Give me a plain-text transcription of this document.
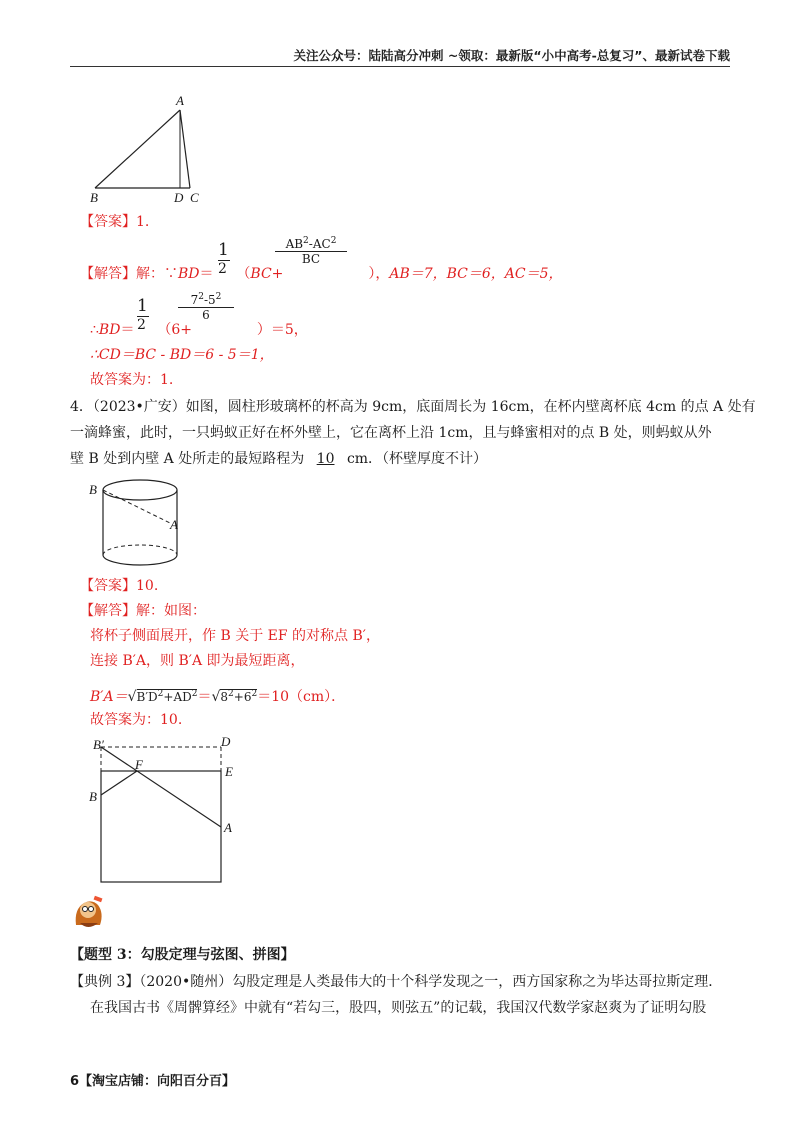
关注公众号：陆陆高分冲刺 ~领取：最新版“小中高考-总复习”、最新试卷下载
A
B	D C
【答案】1.
1
2
$AB^2-AC^2$
BC
【解答】解：∵BD＝ （BC+	），AB＝7，BC＝6，AC＝5，
1
2
$7^2-5^2$
6
∴BD＝ （6+	）＝5，
∴CD＝BC - BD＝6 - 5＝1，
故答案为：1.
4．（2023•广安）如图，圆柱形玻璃杯的杯高为 9cm，底面周长为 16cm，在杯内壁离杯底 4cm 的点 A 处有
一滴蜂蜜，此时，一只蚂蚁正好在杯外壁上，它在离杯上沿 1cm，且与蜂蜜相对的点 B 处，则蚂蚁从外
壁 B 处到内壁 A 处所走的最短路程为 10 cm．（杯壁厚度不计）
B
A
【答案】10.
【解答】解：如图：
将杯子侧面展开，作 B 关于 EF 的对称点 B′，
连接 B′A，则 B′A 即为最短距离，
$B'A=√B'D^2+AD^2=√8^2+6^2=10(cm)$．
故答案为：10.
B′	D
F	E
B
A
【题型 3：勾股定理与弦图、拼图】
【典例 3】（2020•随州）勾股定理是人类最伟大的十个科学发现之一，西方国家称之为毕达哥拉斯定理．
在我国古书《周髀算经》中就有“若勾三，股四，则弦五”的记载，我国汉代数学家赵爽为了证明勾股
6【淘宝店铺：向阳百分百】
